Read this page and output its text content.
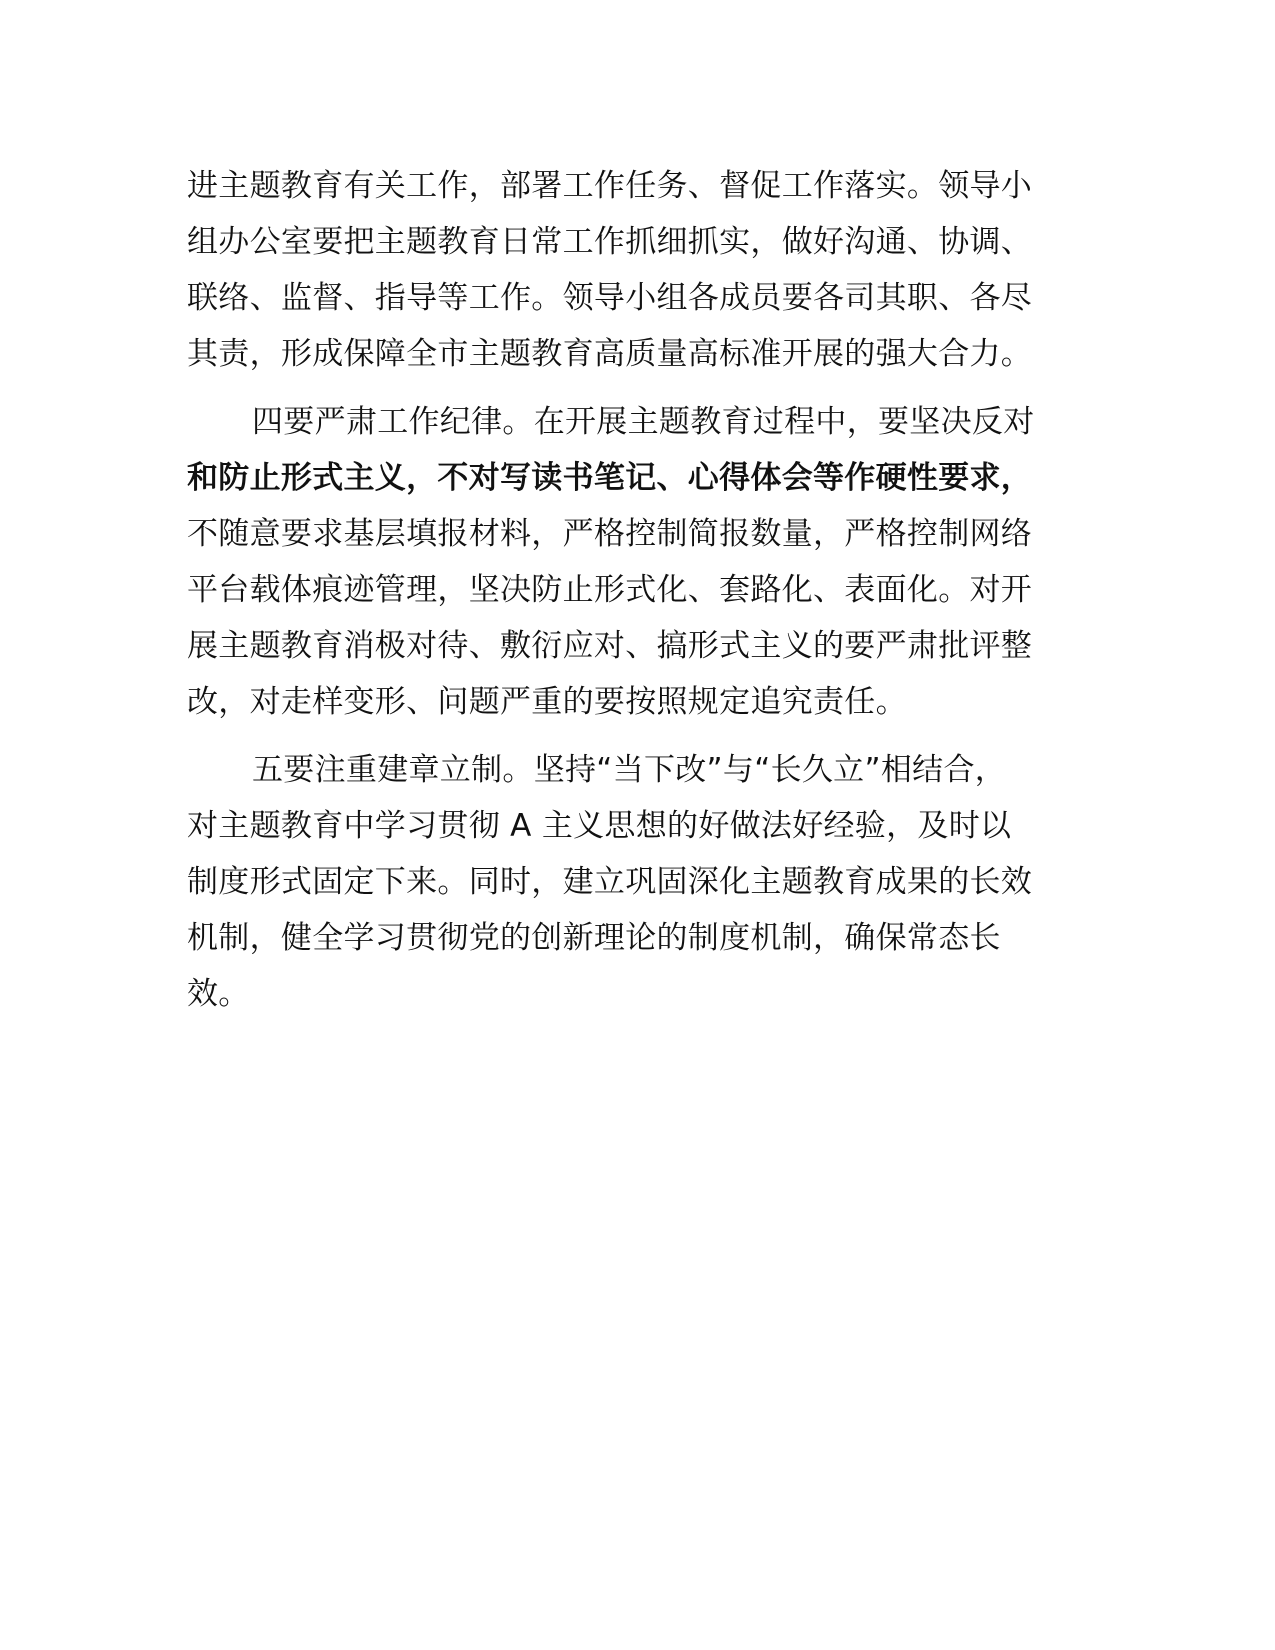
进主题教育有关工作，部署工作任务、督促工作落实。领导小
组办公室要把主题教育日常工作抓细抓实，做好沟通、协调、
联络、监督、指导等工作。领导小组各成员要各司其职、各尽
其责，形成保障全市主题教育高质量高标准开展的强大合力。
四要严肃工作纪律。在开展主题教育过程中，要坚决反对
和防止形式主义，不对写读书笔记、心得体会等作硬性要求，
不随意要求基层填报材料，严格控制简报数量，严格控制网络
平台载体痕迹管理，坚决防止形式化、套路化、表面化。对开
展主题教育消极对待、敷衍应对、搞形式主义的要严肃批评整
改，对走样变形、问题严重的要按照规定追究责任。
五要注重建章立制。坚持“当下改”与“长久立”相结合，
对主题教育中学习贯彻 A 主义思想的好做法好经验，及时以
制度形式固定下来。同时，建立巩固深化主题教育成果的长效
机制，健全学习贯彻党的创新理论的制度机制，确保常态长
效。
